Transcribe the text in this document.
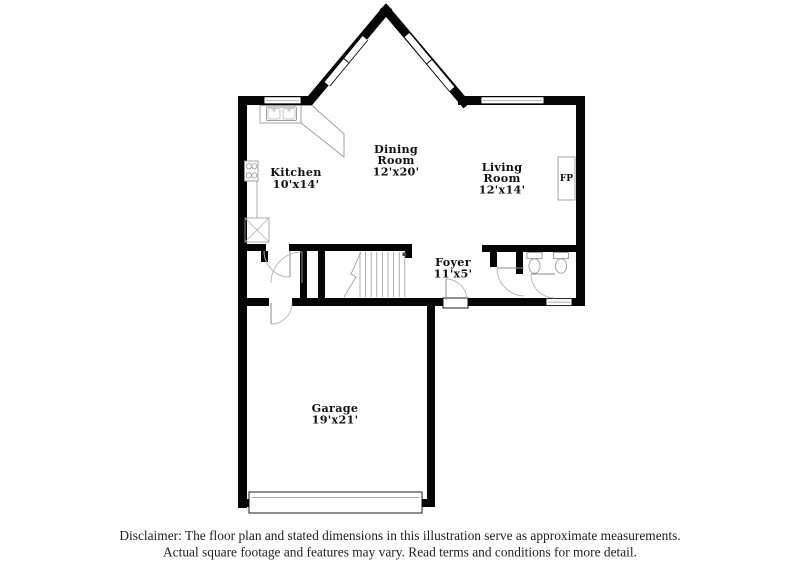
FP
Kitchen
10'x14'
Dining
Room
12'x20'	Living
Room
12'x14'
Foyer
11'x5'
Garage
19'x21'
Disclaimer: The floor plan and stated dimensions in this illustration serve as approximate measurements.
Actual square footage and features may vary. Read terms and conditions for more detail.
